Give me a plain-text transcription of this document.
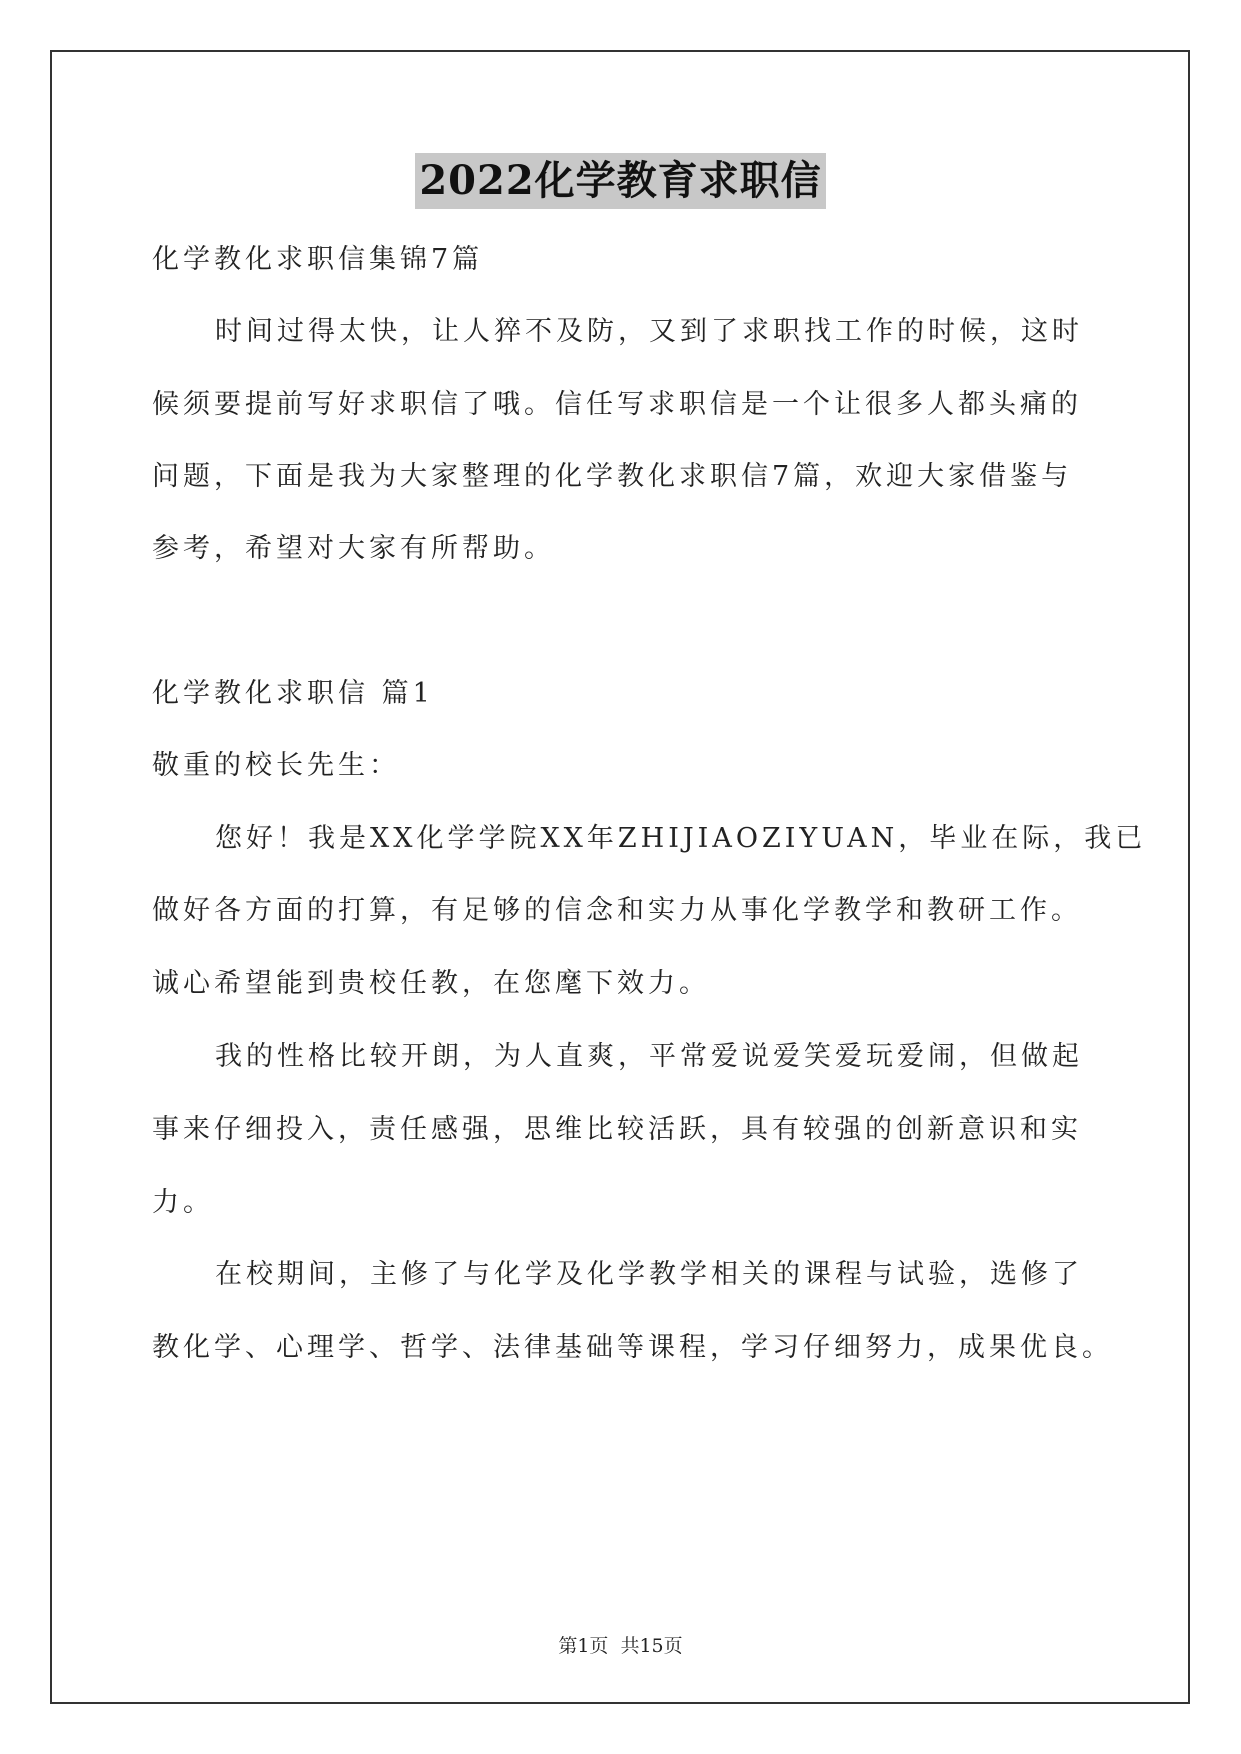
2022化学教育求职信
化学教化求职信集锦7篇
时间过得太快，让人猝不及防，又到了求职找工作的时候，这时
候须要提前写好求职信了哦。信任写求职信是一个让很多人都头痛的
问题，下面是我为大家整理的化学教化求职信7篇，欢迎大家借鉴与
参考，希望对大家有所帮助。
化学教化求职信 篇1
敬重的校长先生：
您好！我是XX化学学院XX年ZHIJIAOZIYUAN，毕业在际，我已
做好各方面的打算，有足够的信念和实力从事化学教学和教研工作。
诚心希望能到贵校任教，在您麾下效力。
我的性格比较开朗，为人直爽，平常爱说爱笑爱玩爱闹，但做起
事来仔细投入，责任感强，思维比较活跃，具有较强的创新意识和实
力。
在校期间，主修了与化学及化学教学相关的课程与试验，选修了
教化学、心理学、哲学、法律基础等课程，学习仔细努力，成果优良。
第1页 共15页
